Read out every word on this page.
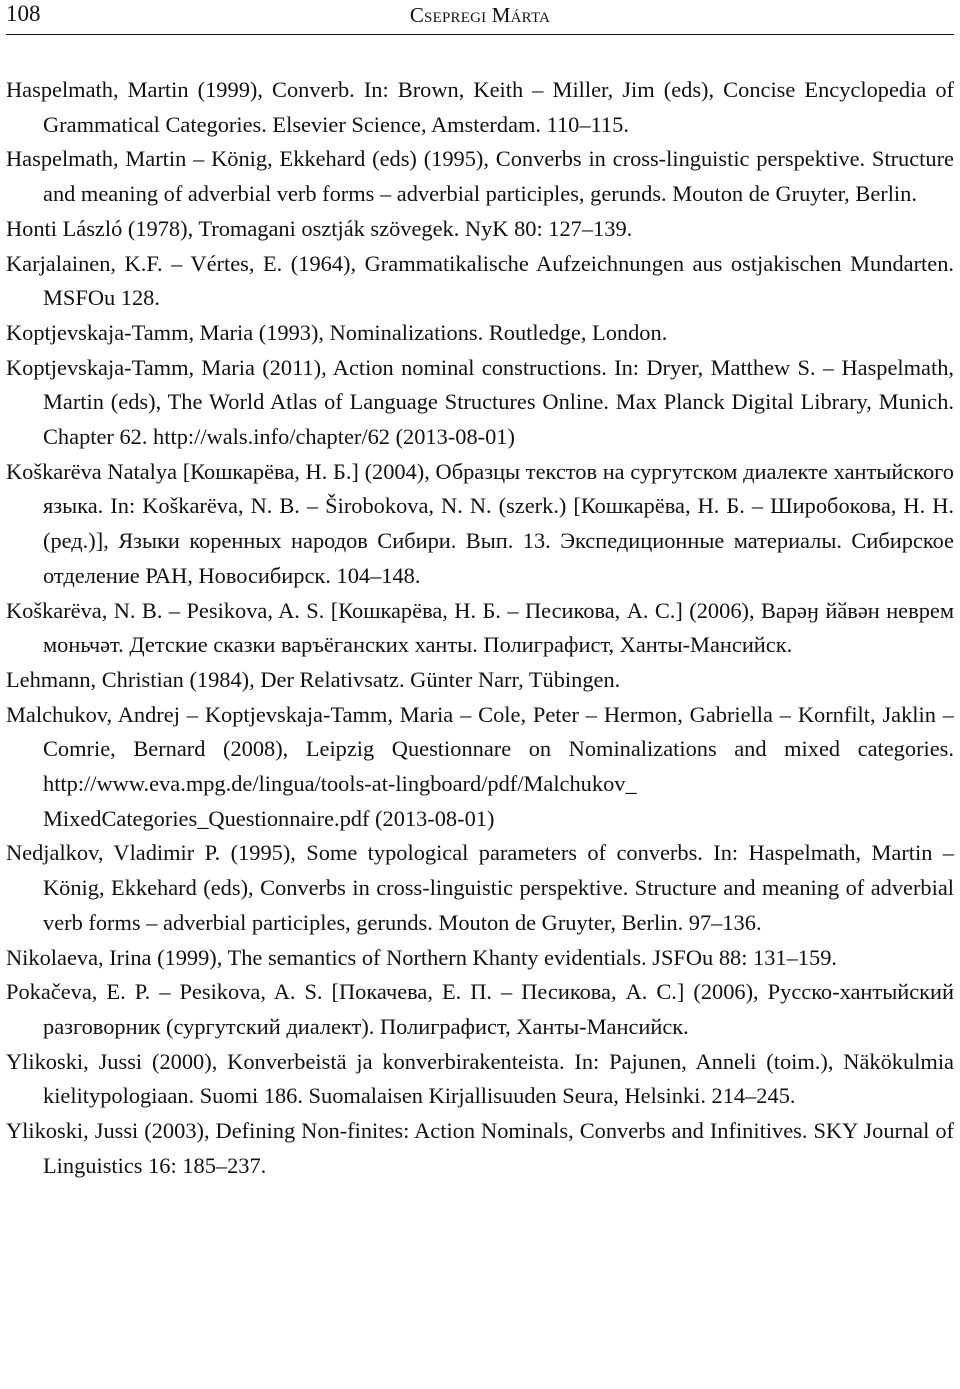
108	Csepregi Márta

Haspelmath, Martin (1999), Converb. In: Brown, Keith – Miller, Jim (eds), Concise Encyclopedia of Grammatical Categories. Elsevier Science, Amsterdam. 110–115.

Haspelmath, Martin – König, Ekkehard (eds) (1995), Converbs in cross-linguistic perspektive. Structure and meaning of adverbial verb forms – adverbial participles, gerunds. Mouton de Gruyter, Berlin.

Honti László (1978), Tromagani osztják szövegek. NyK 80: 127–139.

Karjalainen, K.F. – Vértes, E. (1964), Grammatikalische Aufzeichnungen aus ostjakischen Mundarten. MSFOu 128.

Koptjevskaja-Tamm, Maria (1993), Nominalizations. Routledge, London.

Koptjevskaja-Tamm, Maria (2011), Action nominal constructions. In: Dryer, Matthew S. – Haspelmath, Martin (eds), The World Atlas of Language Structures Online. Max Planck Digital Library, Munich. Chapter 62. http://wals.info/chapter/62 (2013-08-01)

Koškarёva Natalya [Кошкарёва, Н. Б.] (2004), Образцы текстов на сургутском диалекте хантыйского языка. In: Koškarёva, N. B. – Širobokova, N. N. (szerk.) [Кошкарёва, Н. Б. – Широбокова, Н. Н. (ред.)], Языки коренных народов Сибири. Вып. 13. Экспедиционные материалы. Сибирское отделение РАН, Новосибирск. 104–148.

Koškarёva, N. B. – Pesikova, A. S. [Кошкарёва, Н. Б. – Песикова, А. С.] (2006), Варәӈ йӑвән неврем моньчәт. Детские сказки варъёганских ханты. Полиграфист, Ханты-Мансийск.

Lehmann, Christian (1984), Der Relativsatz. Günter Narr, Tübingen.

Malchukov, Andrej – Koptjevskaja-Tamm, Maria – Cole, Peter – Hermon, Gabriella – Kornfilt, Jaklin – Comrie, Bernard (2008), Leipzig Questionnare on Nominalizations and mixed categories. http://www.eva.mpg.de/lingua/tools-at-lingboard/pdf/Malchukov_​MixedCategories_Questionnaire.pdf (2013-08-01)

Nedjalkov, Vladimir P. (1995), Some typological parameters of converbs. In: Haspelmath, Martin – König, Ekkehard (eds), Converbs in cross-linguistic perspektive. Structure and meaning of adverbial verb forms – adverbial participles, gerunds. Mouton de Gruyter, Berlin. 97–136.

Nikolaeva, Irina (1999), The semantics of Northern Khanty evidentials. JSFOu 88: 131–159.

Pokačeva, E. P. – Pesikova, A. S. [Покачева, Е. П. – Песикова, А. С.] (2006), Русско-хантыйский разговорник (сургутский диалект). Полиграфист, Ханты-Мансийск.

Ylikoski, Jussi (2000), Konverbeistä ja konverbirakenteista. In: Pajunen, Anneli (toim.), Näkökulmia kielitypologiaan. Suomi 186. Suomalaisen Kirjallisuuden Seura, Helsinki. 214–245.

Ylikoski, Jussi (2003), Defining Non-finites: Action Nominals, Converbs and Infinitives. SKY Journal of Linguistics 16: 185–237.
